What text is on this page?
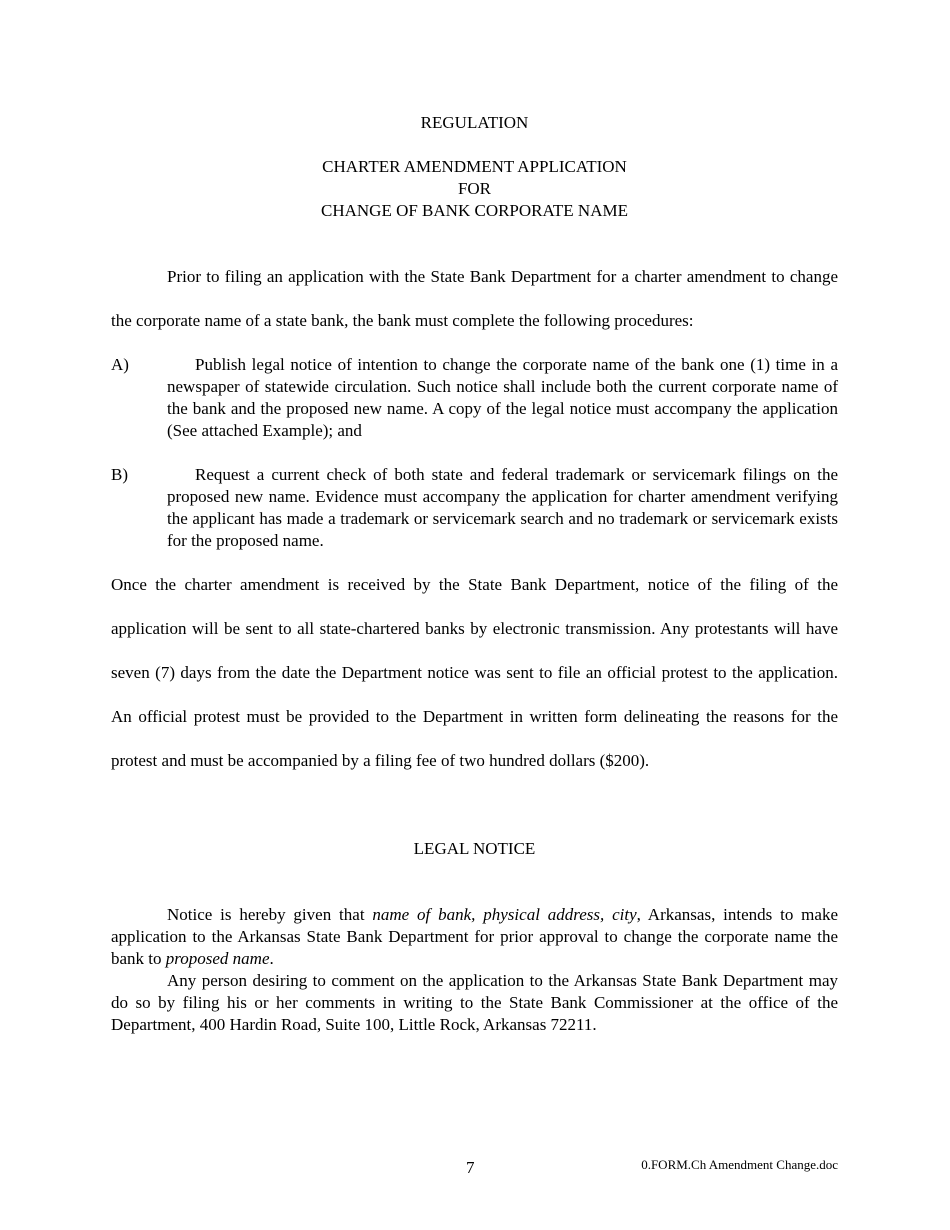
REGULATION

CHARTER AMENDMENT APPLICATION

FOR

CHANGE OF BANK CORPORATE NAME

Prior to filing an application with the State Bank Department for a charter amendment to change the corporate name of a state bank, the bank must complete the following procedures:

A)	Publish legal notice of intention to change the corporate name of the bank one (1) time in a newspaper of statewide circulation. Such notice shall include both the current corporate name of the bank and the proposed new name. A copy of the legal notice must accompany the application (See attached Example); and
B)	Request a current check of both state and federal trademark or servicemark filings on the proposed new name. Evidence must accompany the application for charter amendment verifying the applicant has made a trademark or servicemark search and no trademark or servicemark exists for the proposed name.

Once the charter amendment is received by the State Bank Department, notice of the filing of the application will be sent to all state-chartered banks by electronic transmission. Any protestants will have seven (7) days from the date the Department notice was sent to file an official protest to the application. An official protest must be provided to the Department in written form delineating the reasons for the protest and must be accompanied by a filing fee of two hundred dollars ($200).

LEGAL NOTICE

Notice is hereby given that name of bank, physical address, city, Arkansas, intends to make application to the Arkansas State Bank Department for prior approval to change the corporate name the bank to proposed name.

Any person desiring to comment on the application to the Arkansas State Bank Department may do so by filing his or her comments in writing to the State Bank Commissioner at the office of the Department, 400 Hardin Road, Suite 100, Little Rock, Arkansas 72211.

7	0.FORM.Ch Amendment Change.doc
